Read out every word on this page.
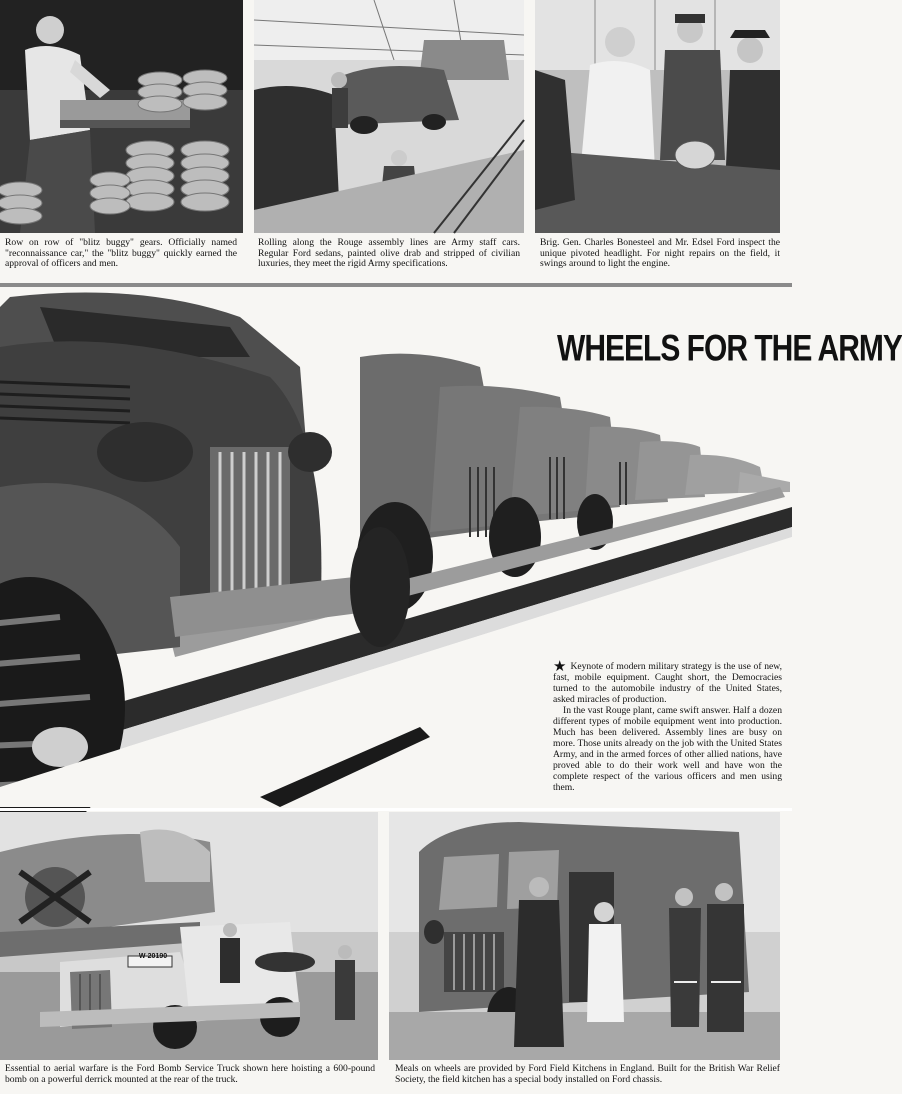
Row on row of "blitz buggy" gears. Officially named "reconnaissance car," the "blitz buggy" quickly earned the approval of officers and men.

Rolling along the Rouge assembly lines are Army staff cars. Regular Ford sedans, painted olive drab and stripped of civilian luxuries, they meet the rigid Army specifications.

Brig. Gen. Charles Bonesteel and Mr. Edsel Ford inspect the unique pivoted headlight. For night repairs on the field, it swings around to light the engine.

WHEELS FOR THE ARMY

★ Keynote of modern military strategy is the use of new, fast, mobile equipment. Caught short, the Democracies turned to the automobile industry of the United States, asked miracles of production.

In the vast Rouge plant, came swift answer. Half a dozen different types of mobile equipment went into production. Much has been delivered. Assembly lines are busy on more. Those units already on the job with the United States Army, and in the armed forces of other allied nations, have proved able to do their work well and have won the complete respect of the various officers and men using them.

W-20190

Essential to aerial warfare is the Ford Bomb Service Truck shown here hoisting a 600-pound bomb on a powerful derrick mounted at the rear of the truck.

Meals on wheels are provided by Ford Field Kitchens in England. Built for the British War Relief Society, the field kitchen has a special body installed on Ford chassis.
